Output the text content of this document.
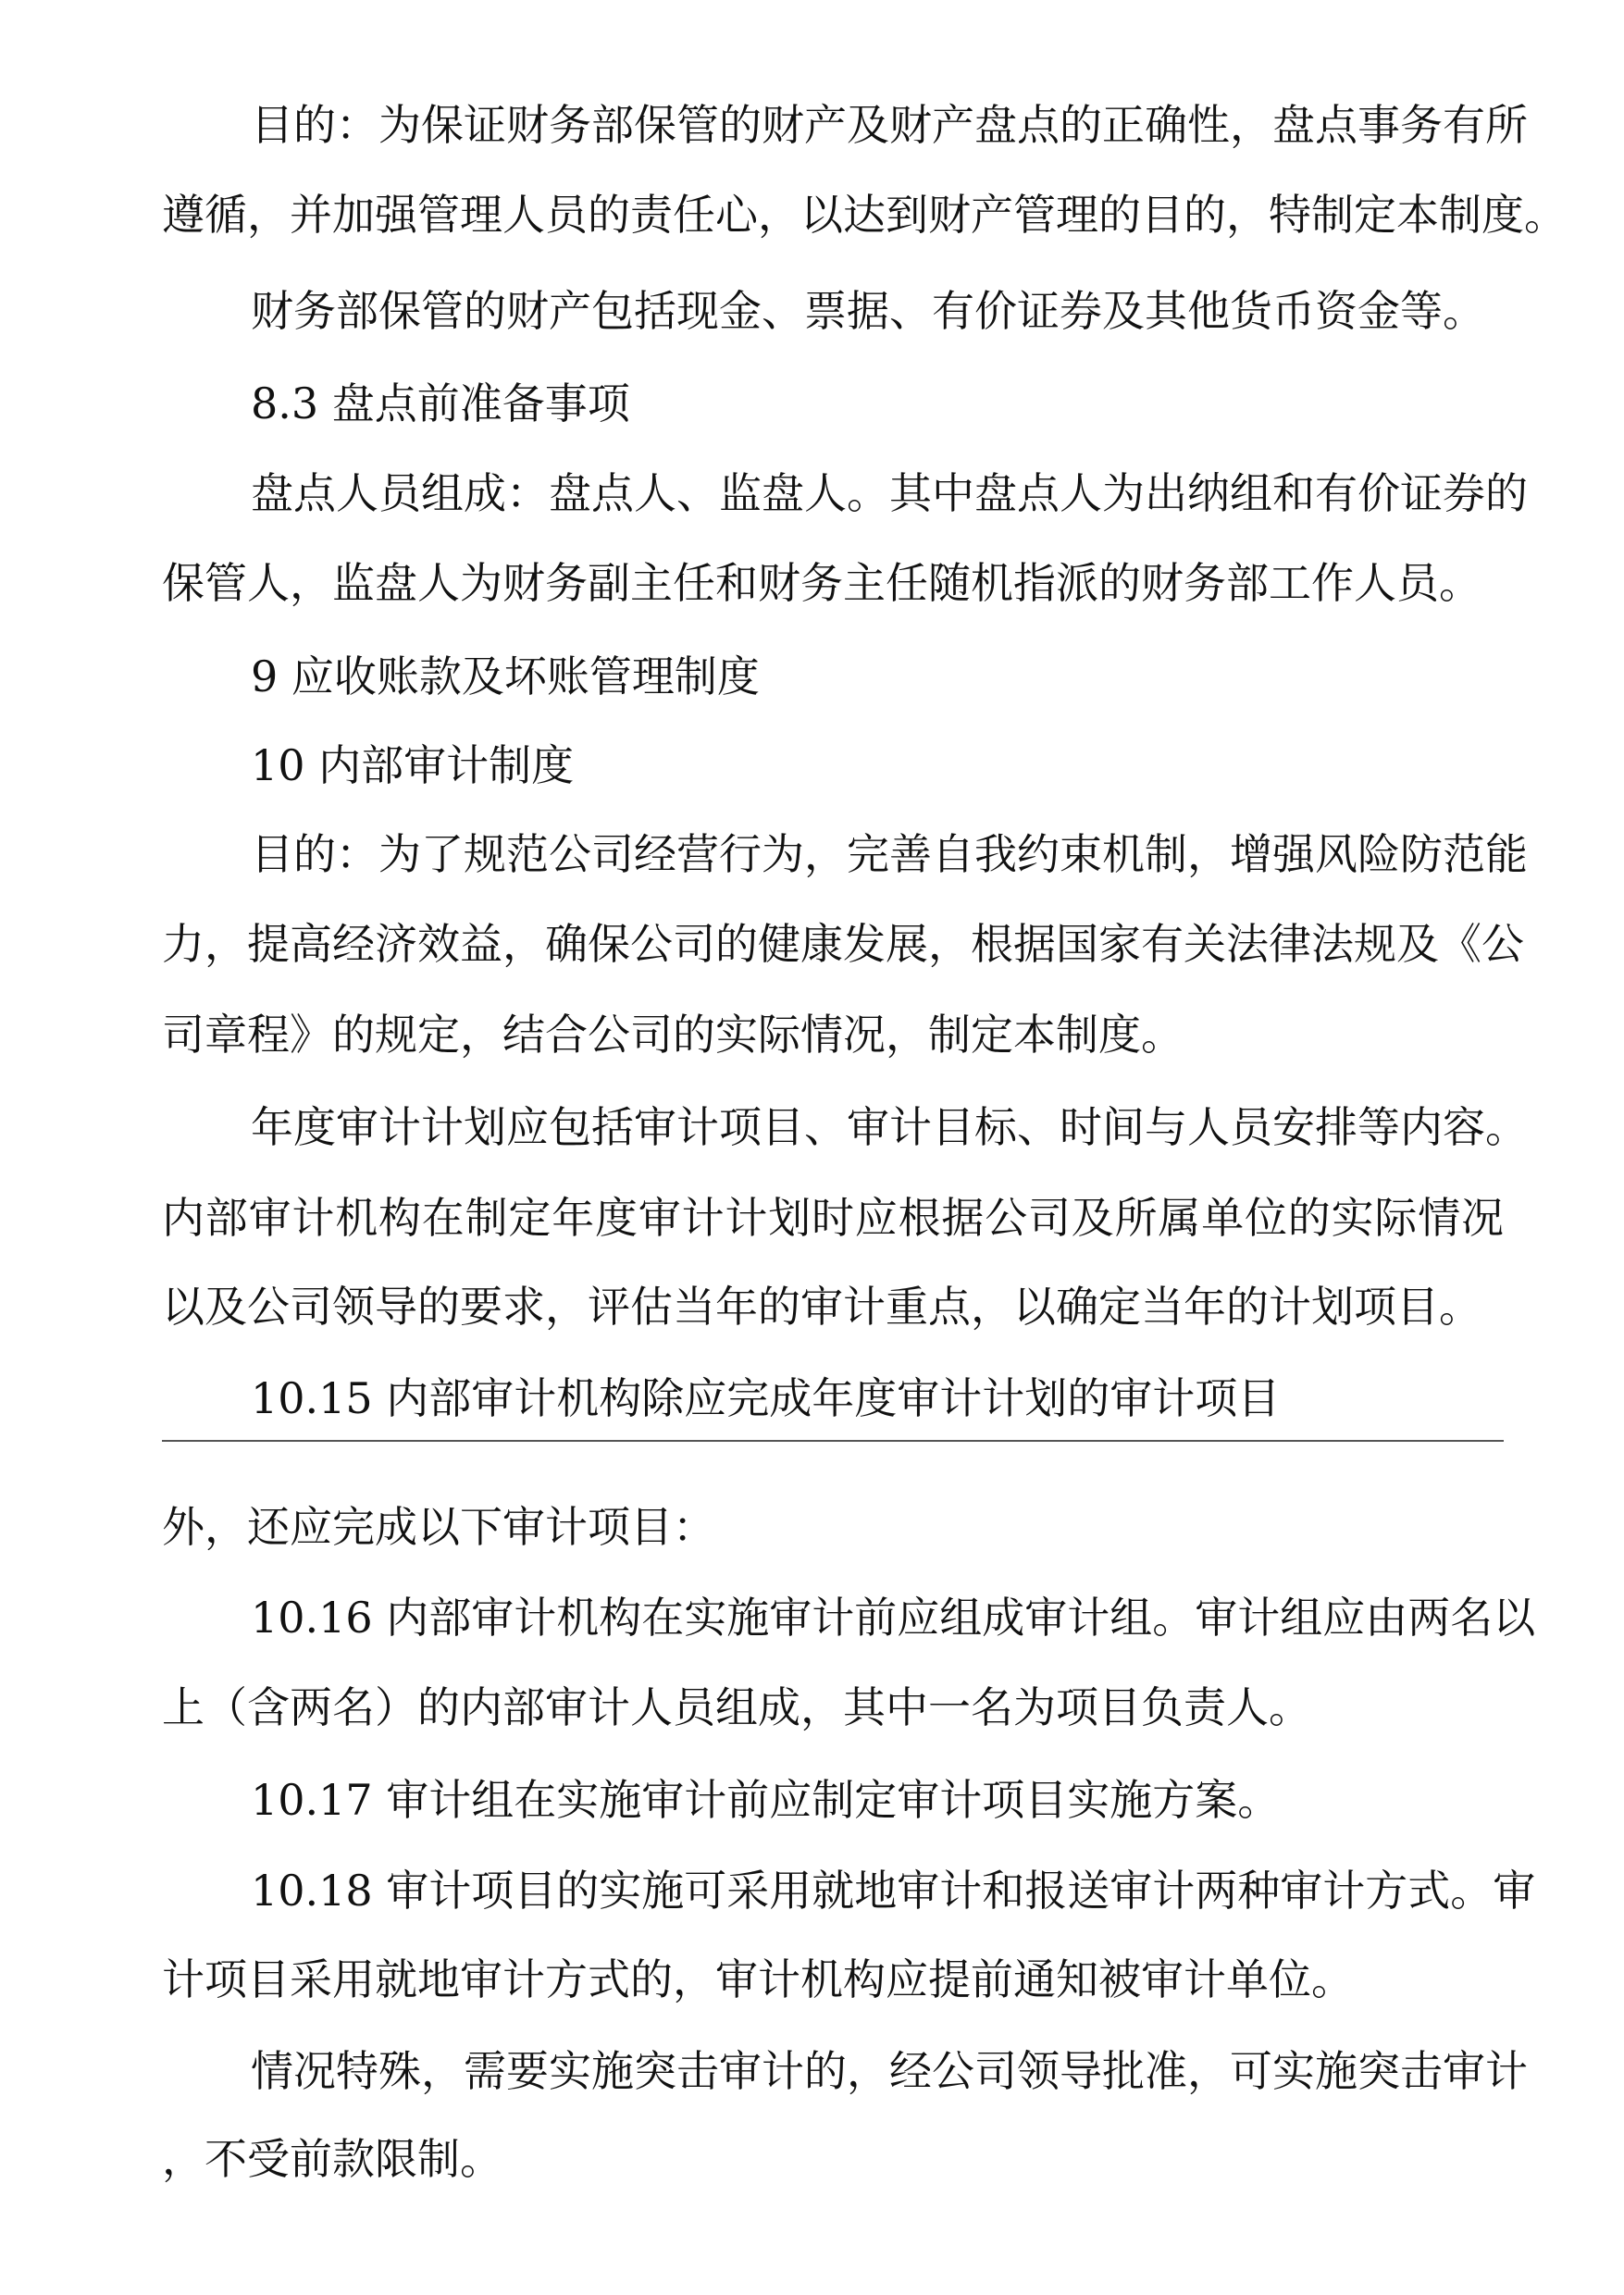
目的：为保证财务部保管的财产及财产盘点的正确性，盘点事务有所
遵循，并加强管理人员的责任心，以达到财产管理的目的，特制定本制度。
财务部保管的财产包括现金、票据、有价证券及其他货币资金等。
8.3 盘点前准备事项
盘点人员组成：盘点人、监盘人。其中盘点人为出纳组和有价证券的
保管人，监盘人为财务副主任和财务主任随机指派的财务部工作人员。
9 应收账款及坏账管理制度
10 内部审计制度
目的：为了规范公司经营行为，完善自我约束机制，增强风险防范能
力，提高经济效益，确保公司的健康发展，根据国家有关法律法规及《公
司章程》的规定，结合公司的实际情况，制定本制度。
年度审计计划应包括审计项目、审计目标、时间与人员安排等内容。
内部审计机构在制定年度审计计划时应根据公司及所属单位的实际情况
以及公司领导的要求，评估当年的审计重点，以确定当年的计划项目。
10.15 内部审计机构除应完成年度审计计划的审计项目
外，还应完成以下审计项目：
10.16 内部审计机构在实施审计前应组成审计组。审计组应由两名以
上（含两名）的内部审计人员组成，其中一名为项目负责人。
10.17 审计组在实施审计前应制定审计项目实施方案。
10.18 审计项目的实施可采用就地审计和报送审计两种审计方式。审
计项目采用就地审计方式的，审计机构应提前通知被审计单位。
情况特殊，需要实施突击审计的，经公司领导批准，可实施突击审计
，不受前款限制。
